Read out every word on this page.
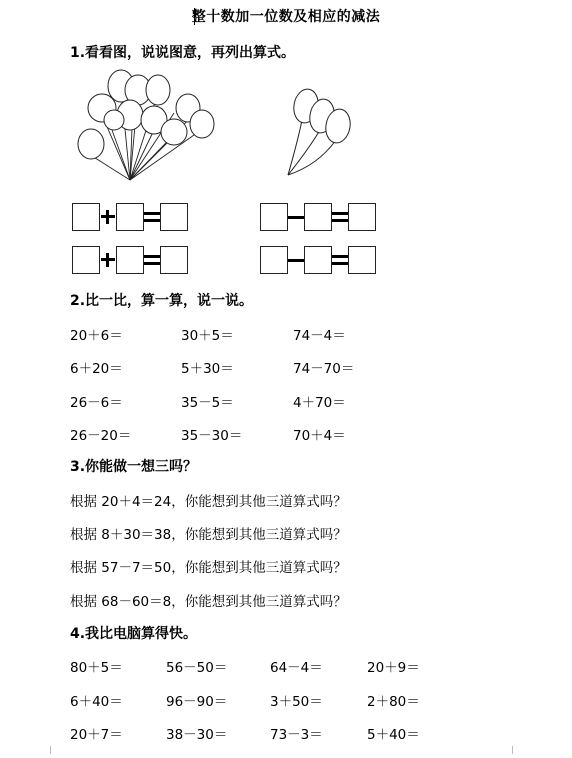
整十数加一位数及相应的减法
1.看看图，说说图意，再列出算式。
2.比一比，算一算，说一说。
20＋6＝	30＋5＝	74－4＝
6＋20＝	5＋30＝	74－70＝
26－6＝	35－5＝	4＋70＝
26－20＝	35－30＝	70＋4＝
3.你能做一想三吗？
根据 20＋4＝24，你能想到其他三道算式吗？
根据 8＋30＝38，你能想到其他三道算式吗？
根据 57－7＝50，你能想到其他三道算式吗？
根据 68－60＝8，你能想到其他三道算式吗？
4.我比电脑算得快。
80＋5＝	56－50＝	64－4＝	20＋9＝
6＋40＝	96－90＝	3＋50＝	2＋80＝
20＋7＝	38－30＝	73－3＝	5＋40＝
